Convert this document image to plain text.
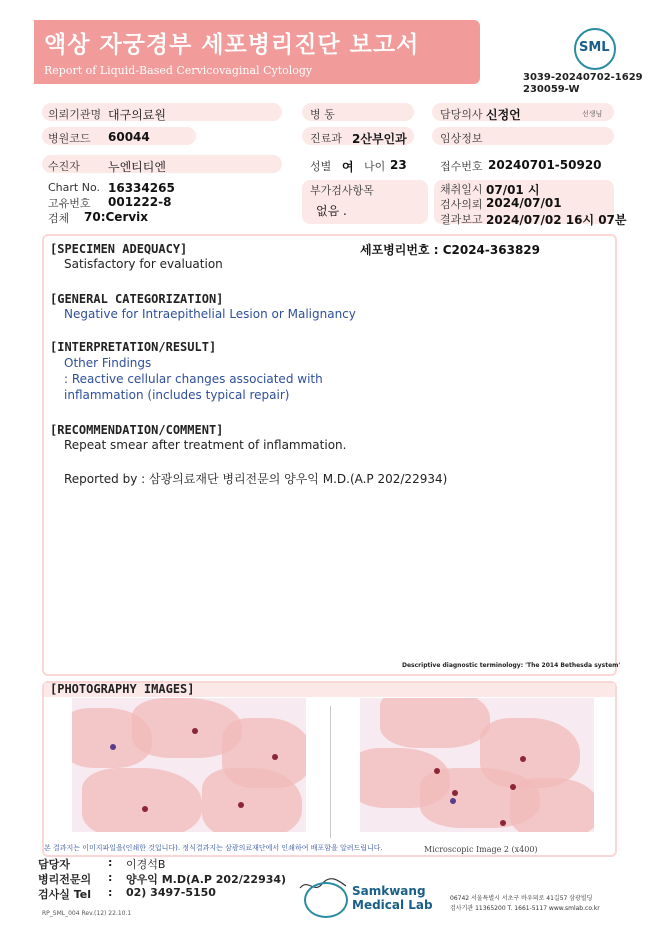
액상 자궁경부 세포병리진단 보고서
Report of Liquid-Based Cervicovaginal Cytology
SML
3039-20240702-1629
230059-W
의뢰기관명 대구의료원	병 동	담당의사 신정언	선생님
병원코드 60044	진료과 2산부인과	임상정보
수진자 누엔티티엔	성별 여 나이 23	접수번호 20240701-50920
Chart No. 16334265
고유번호 001222-8
검체 70:Cervix
부가검사항목
없음 .
채취일시 07/01 시
검사의뢰 2024/07/01
결과보고 2024/07/02 16시 07분
[SPECIMEN ADEQUACY]	세포병리번호 : C2024-363829
Satisfactory for evaluation
[GENERAL CATEGORIZATION]
Negative for Intraepithelial Lesion or Malignancy
[INTERPRETATION/RESULT]
Other Findings
: Reactive cellular changes associated with
inflammation (includes typical repair)
[RECOMMENDATION/COMMENT]
Repeat smear after treatment of inflammation.
Reported by : 삼광의료재단 병리전문의 양우익 M.D.(A.P 202/22934)
Descriptive diagnostic terminology: 'The 2014 Bethesda system'
[PHOTOGRAPHY IMAGES]
Microscopic Image 2 (x400)
본 결과지는 이미지파일을(인쇄한 것입니다). 정식결과지는 삼광의료재단에서 인쇄하여 배포함을 알려드립니다.
담당자	: 이경석B
병리전문의 : 양우익 M.D(A.P 202/22934)
검사실 Tel : 02) 3497-5150	Samkwang
Medical Lab	06742 서울특별시 서초구 바우뫼로 41길57 삼광빌딩
검사기관 11365200 T. 1661-5117 www.smlab.co.kr
RP_SML_004 Rev.(12) 22.10.1
